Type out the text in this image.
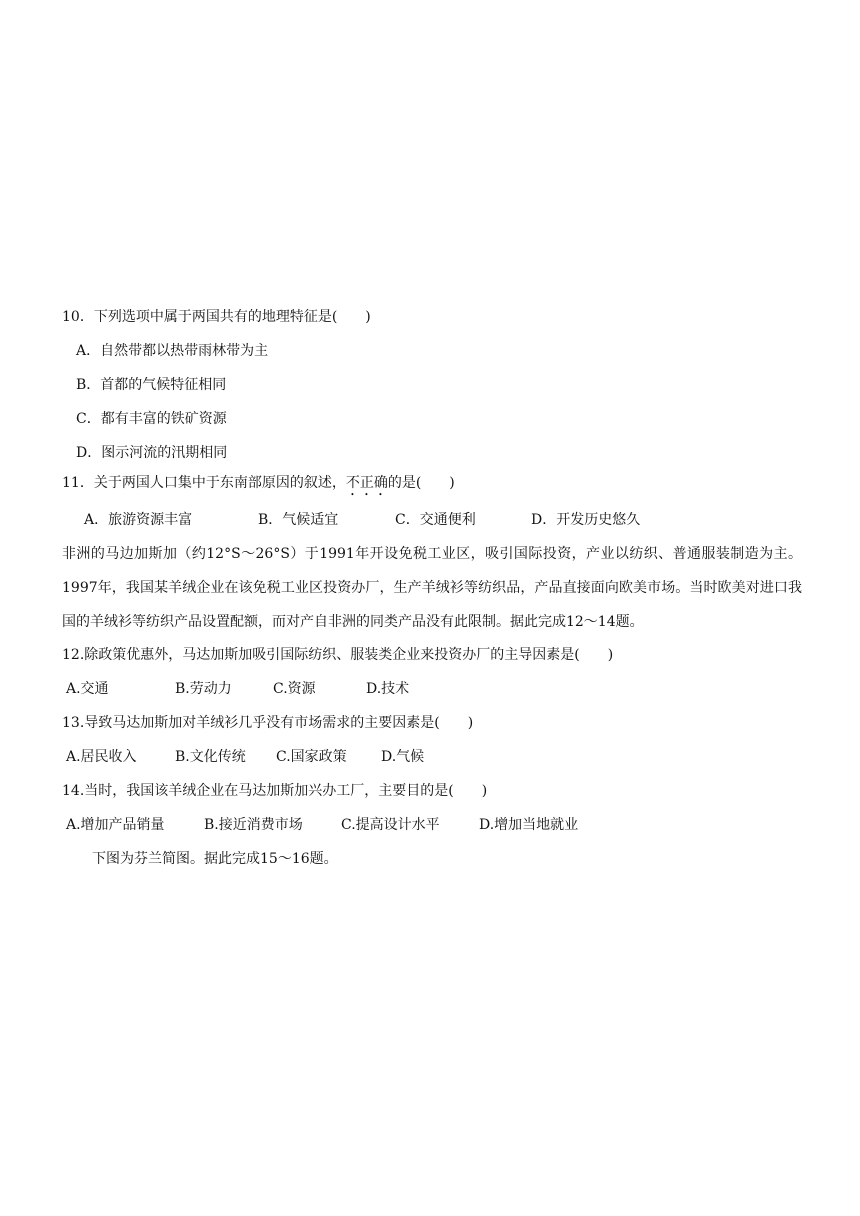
10．下列选项中属于两国共有的地理特征是(　　)
A．自然带都以热带雨林带为主
B．首都的气候特征相同
C．都有丰富的铁矿资源
D．图示河流的汛期相同
11．关于两国人口集中于东南部原因的叙述，不正确的是(　　)
A．旅游资源丰富	B．气候适宜	C．交通便利	D．开发历史悠久
非洲的马边加斯加（约12°S～26°S）于1991年开设免税工业区，吸引国际投资，产业以纺织、普通服装制造为主。1997年，我国某羊绒企业在该免税工业区投资办厂，生产羊绒衫等纺织品，产品直接面向欧美市场。当时欧美对进口我国的羊绒衫等纺织产品设置配额，而对产自非洲的同类产品没有此限制。据此完成12～14题。
12.除政策优惠外，马达加斯加吸引国际纺织、服装类企业来投资办厂的主导因素是(　　)
A.交通	B.劳动力	C.资源	D.技术
13.导致马达加斯加对羊绒衫几乎没有市场需求的主要因素是(　　)
A.居民收入	B.文化传统 C.国家政策 D.气候
14.当时，我国该羊绒企业在马达加斯加兴办工厂，主要目的是(　　)
A.增加产品销量	B.接近消费市场	C.提高设计水平	D.增加当地就业
下图为芬兰简图。据此完成15～16题。
